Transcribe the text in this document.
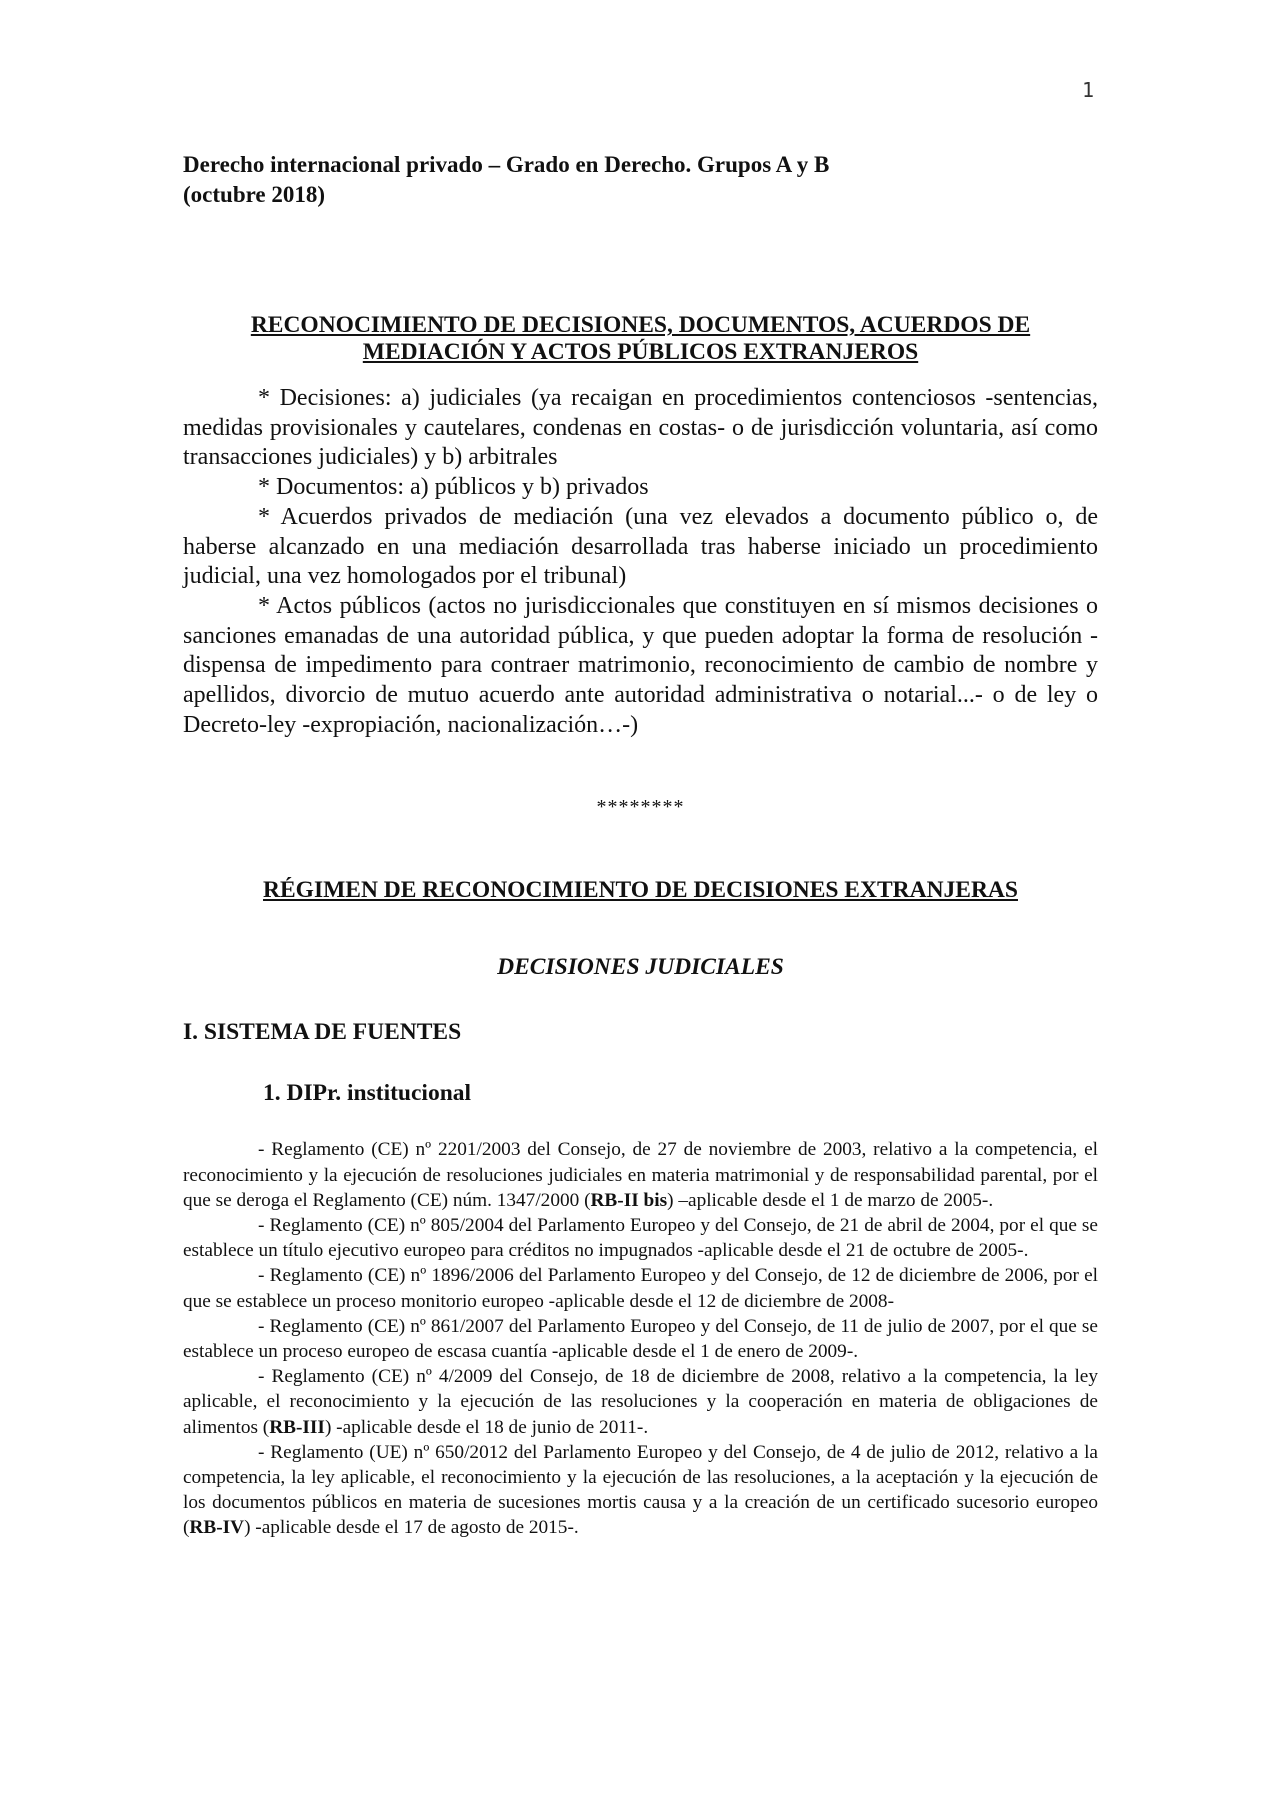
1
Derecho internacional privado – Grado en Derecho. Grupos A y B
(octubre 2018)
RECONOCIMIENTO DE DECISIONES, DOCUMENTOS, ACUERDOS DE
MEDIACIÓN Y ACTOS PÚBLICOS EXTRANJEROS

* Decisiones: a) judiciales (ya recaigan en procedimientos contenciosos -sentencias, medidas provisionales y cautelares, condenas en costas- o de jurisdicción voluntaria, así como transacciones judiciales) y b) arbitrales

* Documentos: a) públicos y b) privados

* Acuerdos privados de mediación (una vez elevados a documento público o, de haberse alcanzado en una mediación desarrollada tras haberse iniciado un procedimiento judicial, una vez homologados por el tribunal)

* Actos públicos (actos no jurisdiccionales que constituyen en sí mismos decisiones o sanciones emanadas de una autoridad pública, y que pueden adoptar la forma de resolución -dispensa de impedimento para contraer matrimonio, reconocimiento de cambio de nombre y apellidos, divorcio de mutuo acuerdo ante autoridad administrativa o notarial...- o de ley o Decreto-ley -expropiación, nacionalización…-)

********
RÉGIMEN DE RECONOCIMIENTO DE DECISIONES EXTRANJERAS
DECISIONES JUDICIALES
I. SISTEMA DE FUENTES
1. DIPr. institucional

- Reglamento (CE) nº 2201/2003 del Consejo, de 27 de noviembre de 2003, relativo a la competencia, el reconocimiento y la ejecución de resoluciones judiciales en materia matrimonial y de responsabilidad parental, por el que se deroga el Reglamento (CE) núm. 1347/2000 (RB-II bis) –aplicable desde el 1 de marzo de 2005-.

- Reglamento (CE) nº 805/2004 del Parlamento Europeo y del Consejo, de 21 de abril de 2004, por el que se establece un título ejecutivo europeo para créditos no impugnados -aplicable desde el 21 de octubre de 2005-.

- Reglamento (CE) nº 1896/2006 del Parlamento Europeo y del Consejo, de 12 de diciembre de 2006, por el que se establece un proceso monitorio europeo -aplicable desde el 12 de diciembre de 2008-

- Reglamento (CE) nº 861/2007 del Parlamento Europeo y del Consejo, de 11 de julio de 2007, por el que se establece un proceso europeo de escasa cuantía -aplicable desde el 1 de enero de 2009-.

- Reglamento (CE) nº 4/2009 del Consejo, de 18 de diciembre de 2008, relativo a la competencia, la ley aplicable, el reconocimiento y la ejecución de las resoluciones y la cooperación en materia de obligaciones de alimentos (RB-III) -aplicable desde el 18 de junio de 2011-.

- Reglamento (UE) nº 650/2012 del Parlamento Europeo y del Consejo, de 4 de julio de 2012, relativo a la competencia, la ley aplicable, el reconocimiento y la ejecución de las resoluciones, a la aceptación y la ejecución de los documentos públicos en materia de sucesiones mortis causa y a la creación de un certificado sucesorio europeo (RB-IV) -aplicable desde el 17 de agosto de 2015-.
